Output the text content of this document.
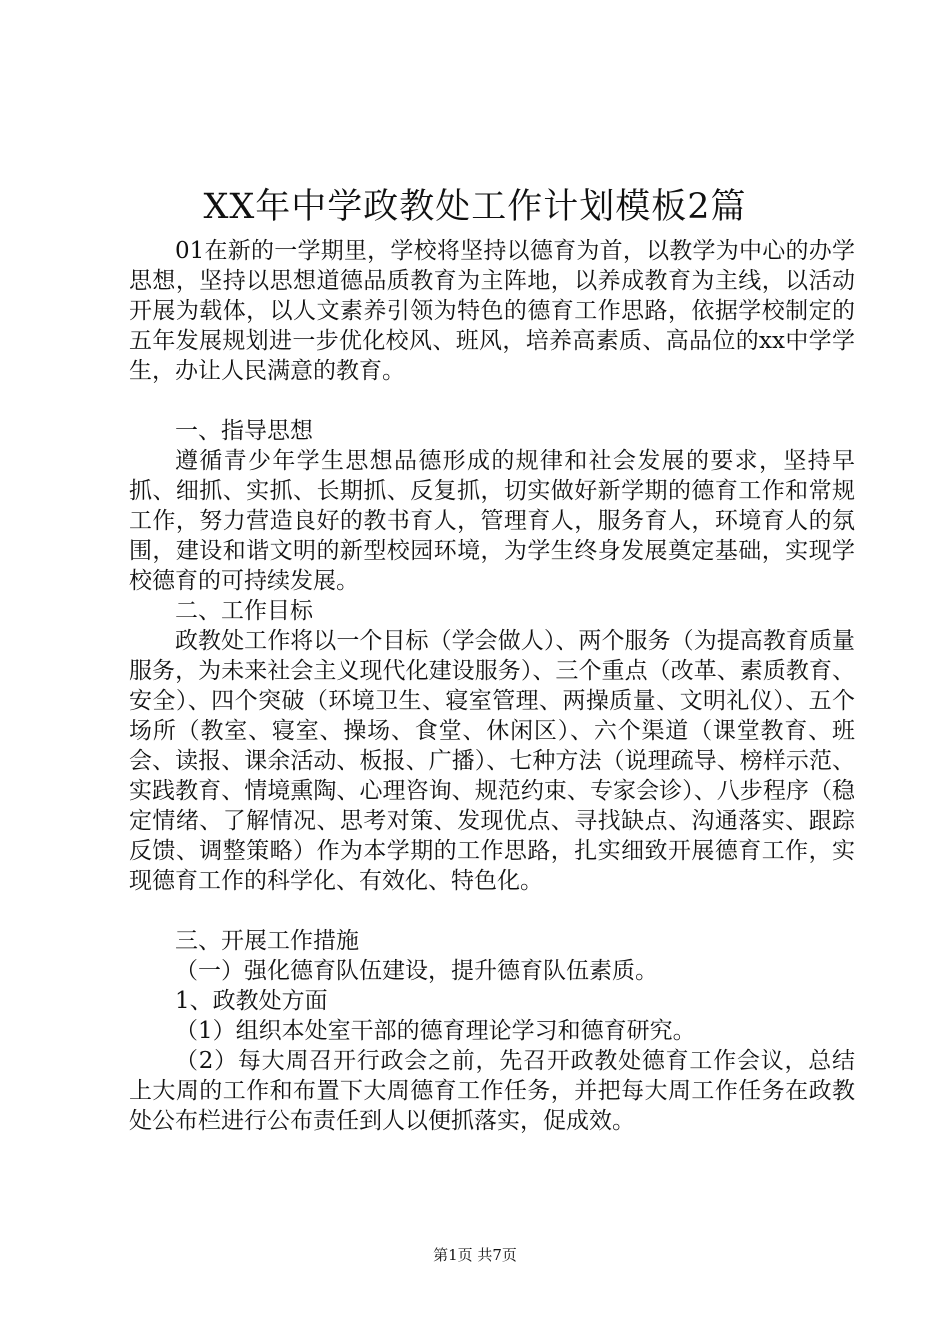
XX年中学政教处工作计划模板2篇

01在新的一学期里，学校将坚持以德育为首，以教学为中心的办学思想，坚持以思想道德品质教育为主阵地，以养成教育为主线，以活动开展为载体，以人文素养引领为特色的德育工作思路，依据学校制定的五年发展规划进一步优化校风、班风，培养高素质、高品位的xx中学学生，办让人民满意的教育。

一、指导思想

遵循青少年学生思想品德形成的规律和社会发展的要求，坚持早抓、细抓、实抓、长期抓、反复抓，切实做好新学期的德育工作和常规工作，努力营造良好的教书育人，管理育人，服务育人，环境育人的氛围，建设和谐文明的新型校园环境，为学生终身发展奠定基础，实现学校德育的可持续发展。

二、工作目标

政教处工作将以一个目标（学会做人）、两个服务（为提高教育质量服务，为未来社会主义现代化建设服务）、三个重点（改革、素质教育、安全）、四个突破（环境卫生、寝室管理、两操质量、文明礼仪）、五个场所（教室、寝室、操场、食堂、休闲区）、六个渠道（课堂教育、班会、读报、课余活动、板报、广播）、七种方法（说理疏导、榜样示范、实践教育、情境熏陶、心理咨询、规范约束、专家会诊）、八步程序（稳定情绪、了解情况、思考对策、发现优点、寻找缺点、沟通落实、跟踪反馈、调整策略）作为本学期的工作思路，扎实细致开展德育工作，实现德育工作的科学化、有效化、特色化。

三、开展工作措施

（一）强化德育队伍建设，提升德育队伍素质。

1、政教处方面

（1）组织本处室干部的德育理论学习和德育研究。

（2）每大周召开行政会之前，先召开政教处德育工作会议，总结上大周的工作和布置下大周德育工作任务，并把每大周工作任务在政教处公布栏进行公布责任到人以便抓落实，促成效。

第1页 共7页
